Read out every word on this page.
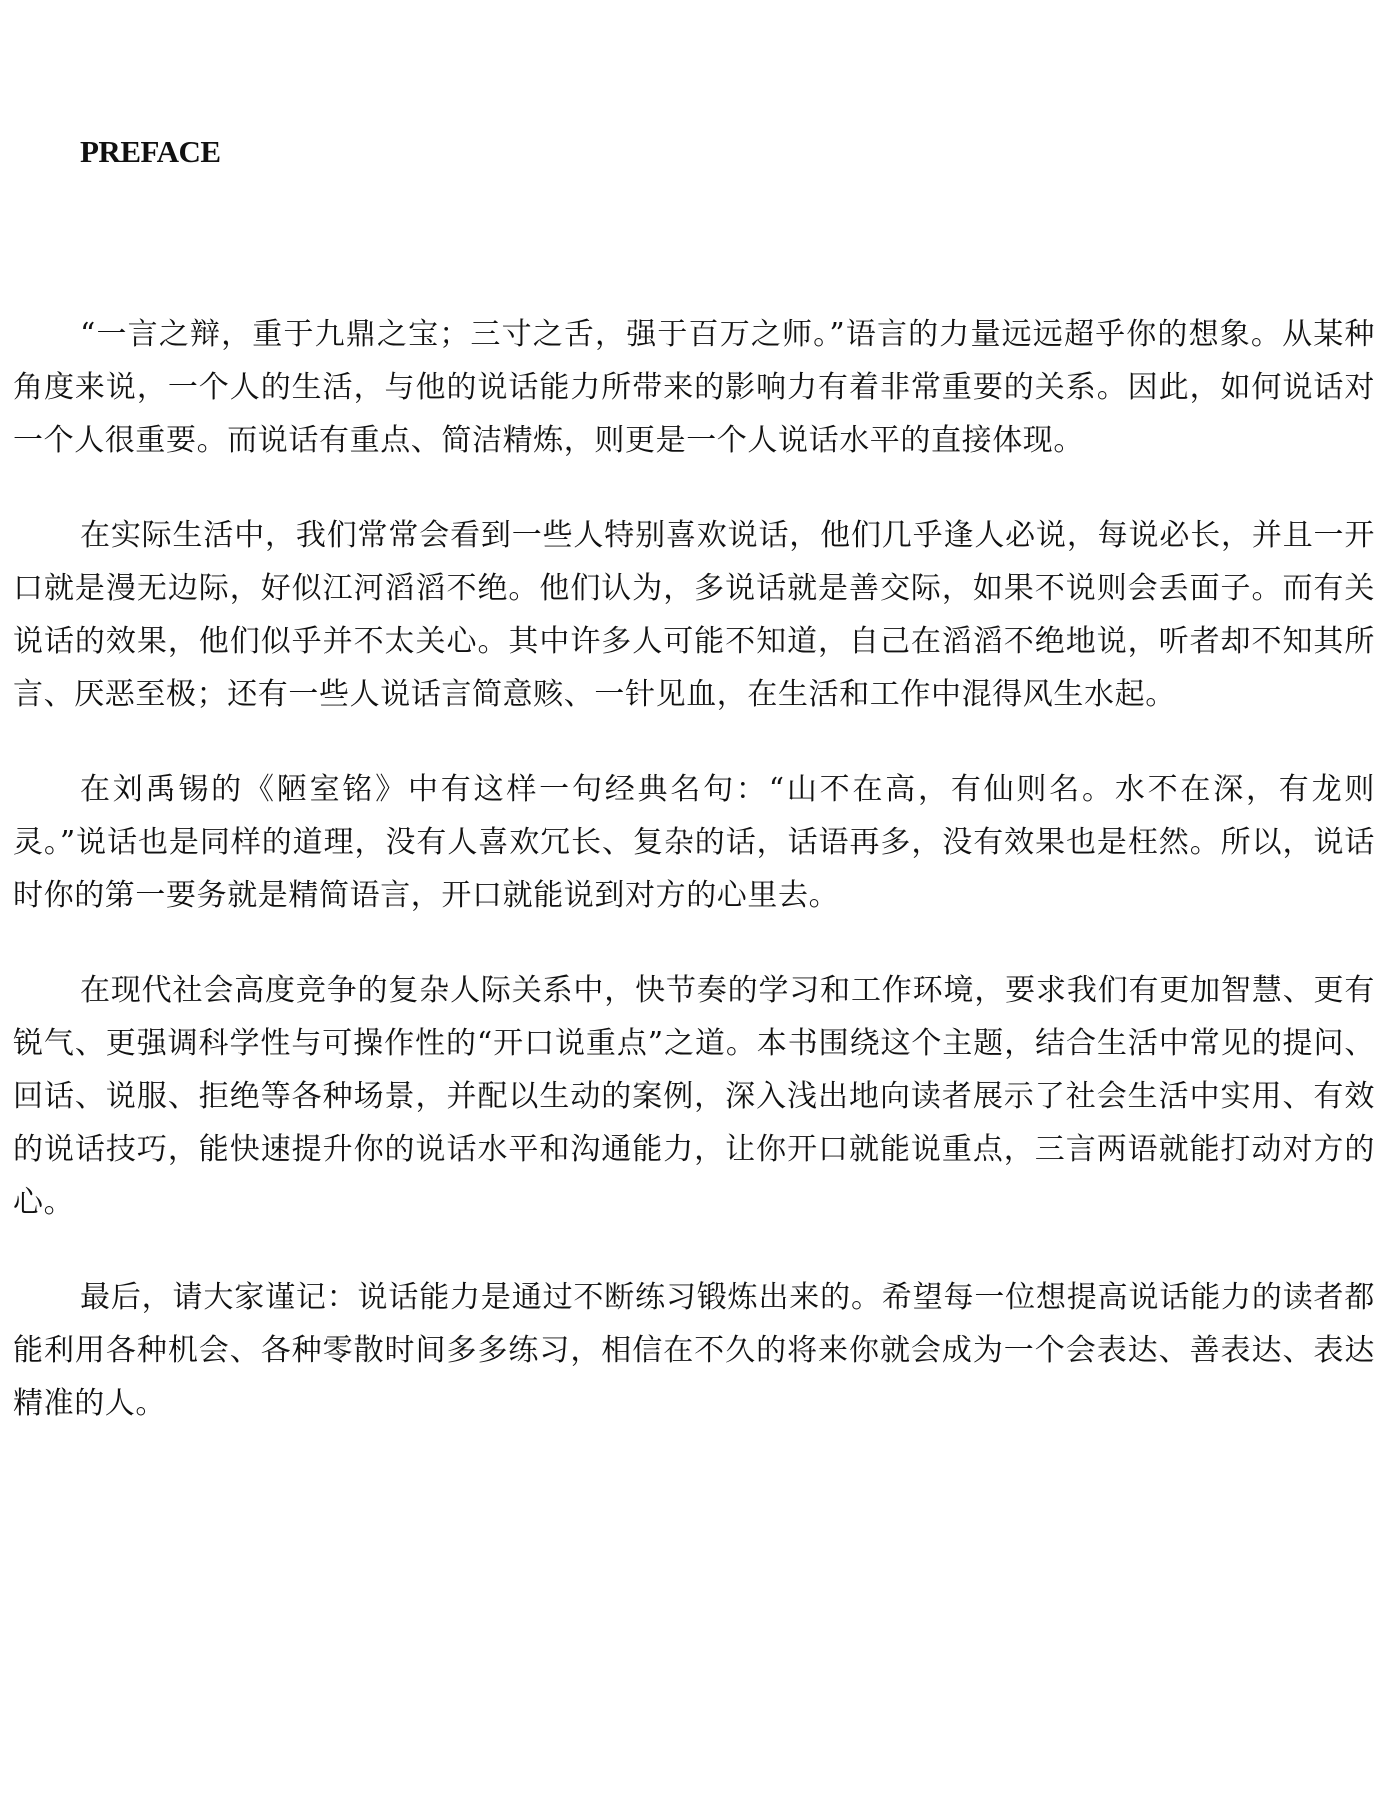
PREFACE

“一言之辩，重于九鼎之宝；三寸之舌，强于百万之师。”语言的力量远远超乎你的想象。从某种角度来说，一个人的生活，与他的说话能力所带来的影响力有着非常重要的关系。因此，如何说话对一个人很重要。而说话有重点、简洁精炼，则更是一个人说话水平的直接体现。

在实际生活中，我们常常会看到一些人特别喜欢说话，他们几乎逢人必说，每说必长，并且一开口就是漫无边际，好似江河滔滔不绝。他们认为，多说话就是善交际，如果不说则会丢面子。而有关说话的效果，他们似乎并不太关心。其中许多人可能不知道，自己在滔滔不绝地说，听者却不知其所言、厌恶至极；还有一些人说话言简意赅、一针见血，在生活和工作中混得风生水起。

在刘禹锡的《陋室铭》中有这样一句经典名句：“山不在高，有仙则名。水不在深，有龙则灵。”说话也是同样的道理，没有人喜欢冗长、复杂的话，话语再多，没有效果也是枉然。所以，说话时你的第一要务就是精简语言，开口就能说到对方的心里去。

在现代社会高度竞争的复杂人际关系中，快节奏的学习和工作环境，要求我们有更加智慧、更有锐气、更强调科学性与可操作性的“开口说重点”之道。本书围绕这个主题，结合生活中常见的提问、回话、说服、拒绝等各种场景，并配以生动的案例，深入浅出地向读者展示了社会生活中实用、有效的说话技巧，能快速提升你的说话水平和沟通能力，让你开口就能说重点，三言两语就能打动对方的心。

最后，请大家谨记：说话能力是通过不断练习锻炼出来的。希望每一位想提高说话能力的读者都能利用各种机会、各种零散时间多多练习，相信在不久的将来你就会成为一个会表达、善表达、表达精准的人。
